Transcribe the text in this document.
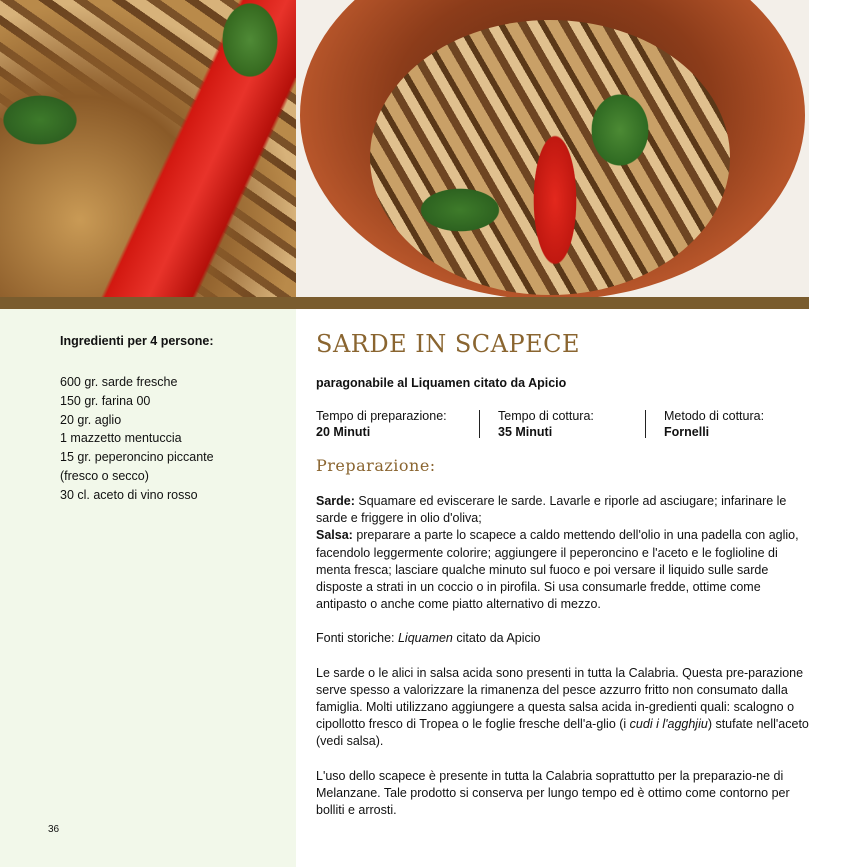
Ingredienti per 4 persone:
600 gr. sarde fresche
150 gr. farina 00
20 gr. aglio
1 mazzetto mentuccia
15 gr. peperoncino piccante
(fresco o secco)
30 cl. aceto di vino rosso
36
SARDE IN SCAPECE
paragonabile al Liquamen citato da Apicio
Tempo di preparazione:
20 Minuti
Tempo di cottura:
35 Minuti
Metodo di cottura:
Fornelli
Preparazione:

Sarde: Squamare ed eviscerare le sarde. Lavarle e riporle ad asciugare; infarinare le sarde e friggere in olio d'oliva;

Salsa: preparare a parte lo scapece a caldo mettendo dell'olio in una padella con aglio, facendolo leggermente colorire; aggiungere il peperoncino e l'aceto e le foglioline di menta fresca; lasciare qualche minuto sul fuoco e poi versare il liquido sulle sarde disposte a strati in un coccio o in pirofila. Si usa consumarle fredde, ottime come antipasto o anche come piatto alternativo di mezzo.

Fonti storiche: Liquamen citato da Apicio

Le sarde o le alici in salsa acida sono presenti in tutta la Calabria. Questa pre-parazione serve spesso a valorizzare la rimanenza del pesce azzurro fritto non consumato dalla famiglia. Molti utilizzano aggiungere a questa salsa acida in-gredienti quali: scalogno o cipollotto fresco di Tropea o le foglie fresche dell'a-glio (i cudi i l'agghjiu) stufate nell'aceto (vedi salsa).

L'uso dello scapece è presente in tutta la Calabria soprattutto per la preparazio-ne di Melanzane. Tale prodotto si conserva per lungo tempo ed è ottimo come contorno per bolliti e arrosti.
